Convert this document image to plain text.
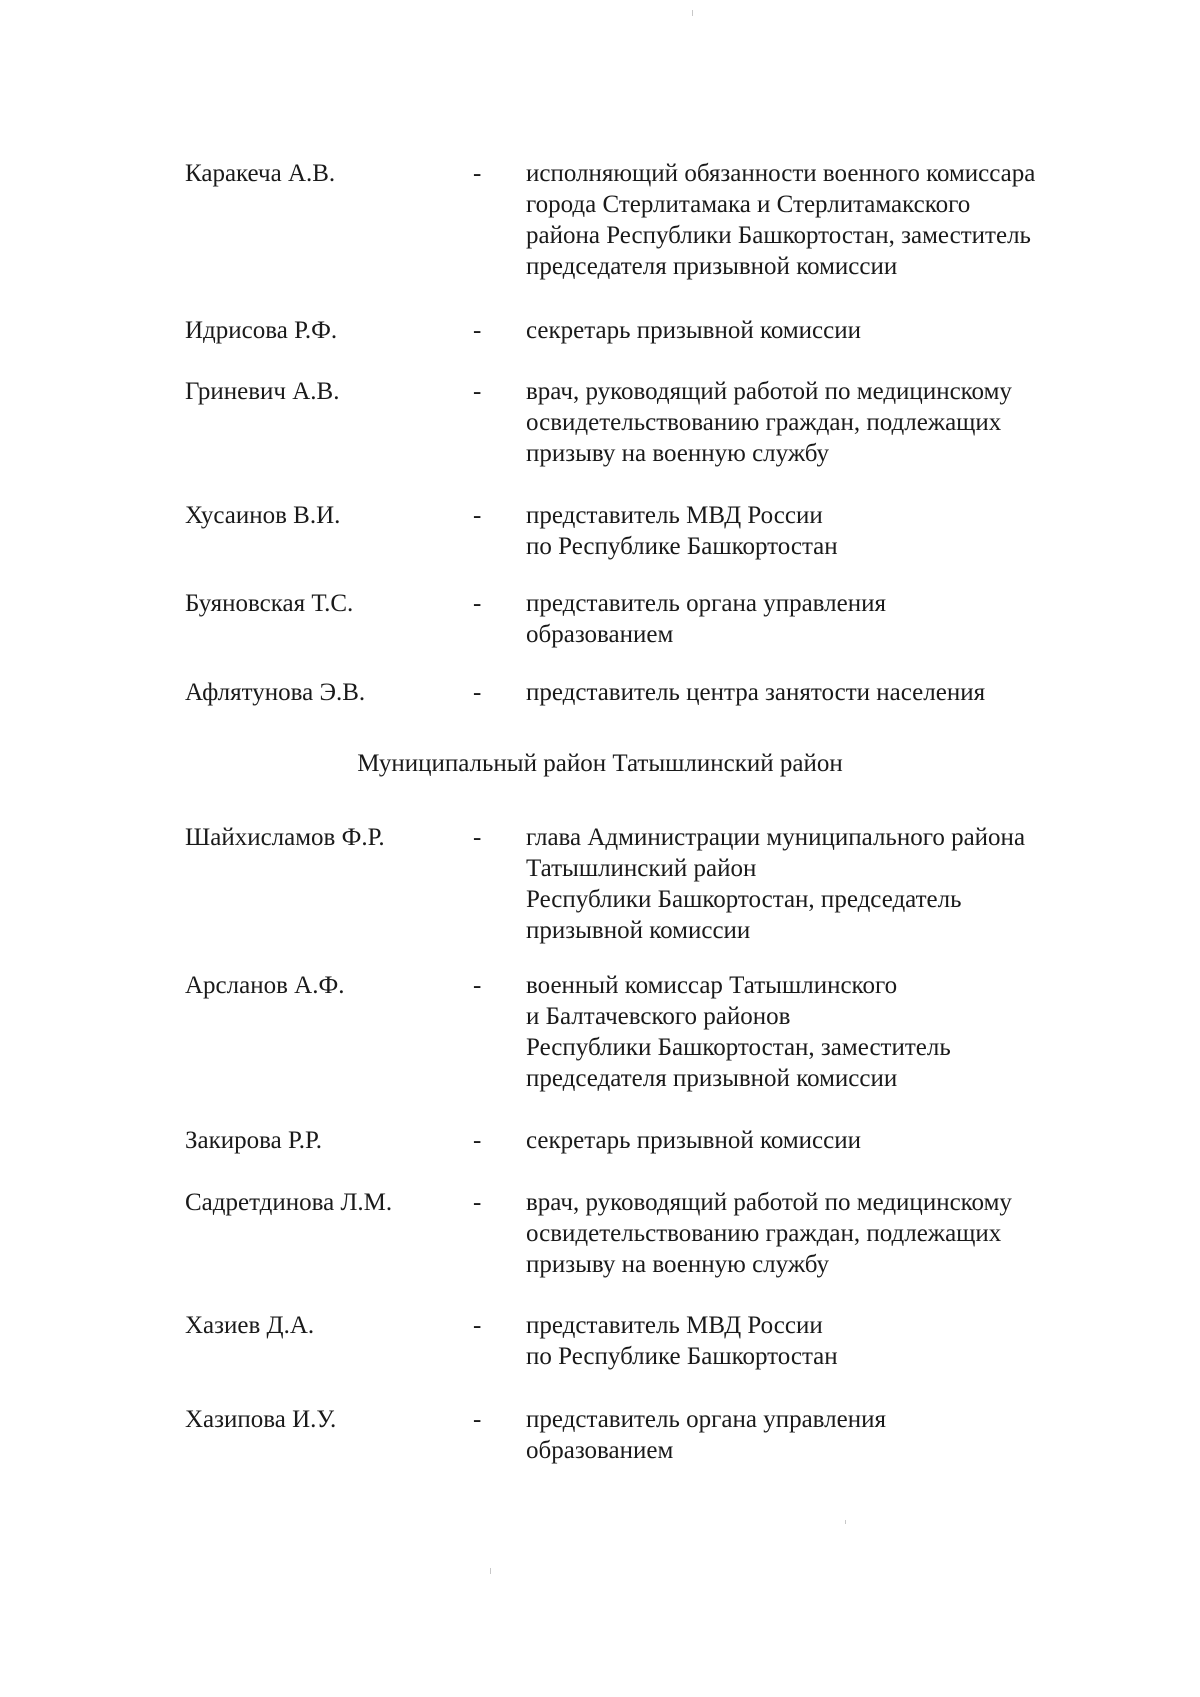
Каракеча А.В.	- исполняющий обязанности военного комиссара
города Стерлитамака и Стерлитамакского
района Республики Башкортостан, заместитель
председателя призывной комиссии
Идрисова Р.Ф.	- секретарь призывной комиссии
Гриневич А.В.	- врач, руководящий работой по медицинскому
освидетельствованию граждан, подлежащих
призыву на военную службу
Хусаинов В.И.	- представитель МВД России
по Республике Башкортостан
Буяновская Т.С.	- представитель органа управления
образованием
Афлятунова Э.В.	- представитель центра занятости населения
Муниципальный район Татышлинский район
Шайхисламов Ф.Р.	- глава Администрации муниципального района
Татышлинский район
Республики Башкортостан, председатель
призывной комиссии
Арсланов А.Ф.	- военный комиссар Татышлинского
и Балтачевского районов
Республики Башкортостан, заместитель
председателя призывной комиссии
Закирова Р.Р.	- секретарь призывной комиссии
Садретдинова Л.М.	- врач, руководящий работой по медицинскому
освидетельствованию граждан, подлежащих
призыву на военную службу
Хазиев Д.А.	- представитель МВД России
по Республике Башкортостан
Хазипова И.У.	- представитель органа управления
образованием
